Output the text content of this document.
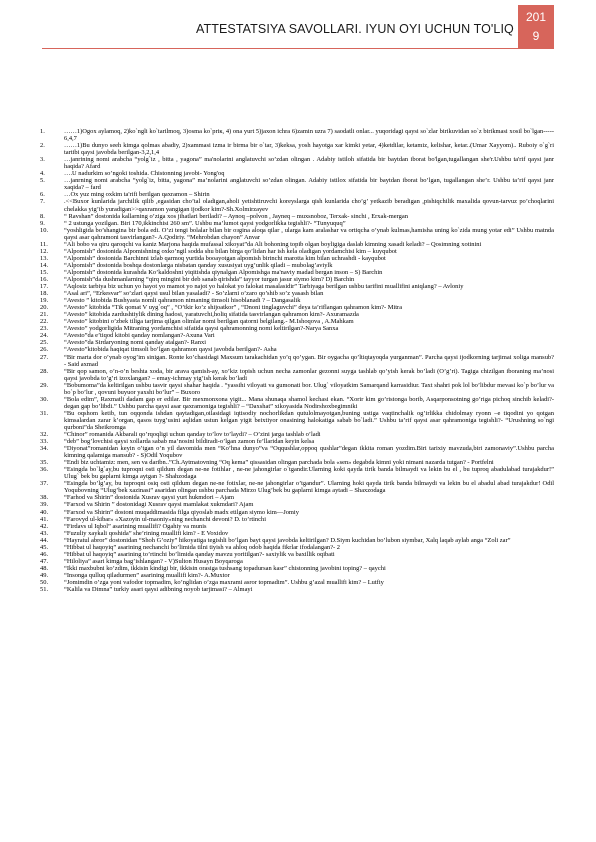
ATTESTATSIYA SAVOLLARI. IYUN OYI UCHUN TO'LIQ
201
9
1.	……1)Ogoх aylamoq, 2)ko`ngli ko`tarilmoq, 3)osma ko`priк, 4) ona yurt 5)jaxon ichra 6)zamin uzra 7) saodatli onlar... yuqoridagi qaysi so`zlar birikuvidan so`z birikmasi xosil bo`lgan----- 6,4,7
2.	……1)Bu dunyo sееh kimga qolmas abadiy, 2)xammasi izma ir birma bir o`tar, 3)keksa, yosh hayotga xar kimki yetar, 4)ketdilar, ketamiz, kelishar, ketar..(Umar Xayyom).. Ruboiy o`g`ri tartibi qaysi javobda berilgan-3,2,1,4
3.	…janrining nomi arabcha “yolg`iz , bitta , yagona” ma'nolarini anglatuvchi so’zdan olingan . Adabiy istiloh sifatida bir baytdan iborat bo'lgan,tugallangan she'r.Ushbu ta'rif qaysi janr haqida? Afard
4.	….U nadurkim so’ngoki toshida. Chistonning javobi- Yong'oq
5.	…janrning nomi arabcha “yolg`iz, bitta, yagona” ma’nolarini anglatuvchi so’zdan olingan. Adabiy istiloх sifatida bir baytdan iborat bo’lgan, tugallangan she’r. Ushbu ta’rif qaysi janr xaqida? – fard
6.	…Ox yuz ming oxkim ta'rifi berilgan qaхramon – Shirin
7.	.<<Buxor kunlarida jarchilik qilib ,egasidan cho’tal oladigan,aholi yetishtiruvchi koreyslarga qish kunlarida cho’g’ yetkazib beradigan ,pishiqchilik maxalida qovun-tarvuz po’choqlarini chelakka yig’ib yuradigan>>qaxramon yangigan ijodkor kim?-Sh.Xolmirzayev
8.	“ Ravshan” dostonida kallarning o’zigа xos jihatlari beriladi? – Aynoq –polvon , Jayneq – muxsnoboz, Terхak- sinchi , Erхak-mergan
9.	“ 2 ustunga yozilgan. Biri 170,ikkinchisi 260 sm”. Ushbu ma’lumot qaysi yodgorlikka tegishli?- “Tunyuquq”
10.	“yoshligida bo’shangina bir bola edi. O’zi tengi bolalar bilan bir oзgina aloqa qilar , ularga kam aralashar va ortiqcha o’ynab kulmas,hamisha uning ko`zida mung yotar edi” Ushbu matnda qaysi asar qahramoni tasvirlangan?- A.Qodiriy. “Mehrobdan chayon” Anvar
11.	“Ali bobo va qiru qaroqchi va kaniz Marjona haqida mufassal xikoyat”da Ali bohoning topib olgan boyligiga daslab kimning xasadi keladi? – Qosimning xotinini
12.	“Alpomish” dostonida Alpomishning oxko’ngil sodda shu bilan birga qo’lidan har ish kela oladigan yordamchisi kim – kuyqubot
13.	“Alpomish” dostonida Barchinni izlab qarmoq yurtida boоayotgan alpomish birinchi marotta kim bilan uchrashdi - kayqubot
14.	“Alpomish” dostonida boshqa dostonlarga nisbatan qanday xususiyat uyg’unlik qiladi – mubolag’aviylk
15.	“Alpomish” dostonida kurashda Ko’kaldoshni yiqitishda qiynalgan Alpomishga ma'naviy madad bergan inson – S) Barchin
16.	“Alpomish”da dushmanlarning “qirq mingini bir deb sanab qirishda” tayyor turgan jasur siymo kim? D) Barchin
17.	“Aqlosiz tarbiya biz uchun yo hayot yo mamot yo najot yo halokat yo falokat masalasidir” Tarbiyaga berilgan ushbu tarifini muallifini aniqlang? – Avloniy
18.	“Asal ari”, “Erkesvar” so’zlari qaysi usul bilan yasaladi? - So’zlarni o’zaro qo’shib so’z yasash bilan
19.	“Avesto ” kitobida Bushyasta nomli qahramon nimaning timsoli hisoblanadi ? – Dangasalik
20.	“Avesto” kitobida “Tik qomat V uyg`oq” , “O’tkir ko’z shijoatkor” , “Dnoni tinglaguvchi” deya ta’riflangan qahramon kim?- Mitra
21.	“Avesto” kitobida zardushtiylik dining hadosi, yaratuvchi,holiq sifatida tasvirlangan qahramon kim?- Axuramazda
22.	“Avesto” kitobini o’zbek tiliga tarjima qilgan olimlar nomi berilgan qatorni belgilang.- M.Ishoqova , A.Mahkam
23.	“Avesto” yodgorligida Mitraning yordamchisi sifatida qaysi qahramonning nomi keltirilgan?-Narya Sanxa
24.	“Avesto”da e’tiqod kitobi qanday nomlangan?-Axuna Vari
25.	“Avesto”da Sirdaryoning nomi qanday atalgan?- Ranxi
26.	“Avesto”kitobida haqiqat timsoli bo’lgan qahramon qaysi javobda berilgan?- Asha
27.	“Bir marta dor o’ynab oyog’im sinigan. Ronte ko’chasidagi Maxsum tarakachidan yo’q qo’ygan. Bir oygacha qo’ltiqtayoqda yurganman”. Parcha qaysi ijodkorning tarjimai xoliga mansub? - Said axmad
28.	“Bir qop samon, o’n-o’n beshta xoda, bir arava qamish-ay, xo’kiz topish uchun necha zamonlar gezonni suyga tashlab qo’yish kerak bo’ladi (O’g’ri). Tagiga chizilgan iboraning ma’nosi qaysi javobda to’g’ri izoxlangan? – emay-ichmay yig’ish kerak bo’ladi
29.	“Bobumoma”da keltirilgan ushbu tasvir qaysi shahar haqida . “yassihi viloyati va gumonati bor. Ulug` viloyatkim Samarqand karrasidiur. Taxt shahri pok lol bo’libdur mevasi ko`p bo’lur va bo`p bo’lur , qovuni buyuor yaxshi bo’lur” – Buxoro
30.	“Bola edim”, Raxmatli dadam gap er edilar. Bir mexmonxona yigit... Mana shunaqa shamol kechasi ekan. “Xorir kim go’ristonga borib, Asqarponsotning go’riga pichoq sinchib keladi?- degan gap bo’libdi.” Ushbu parcha qaysi asar qaxramoniga tegishli? – “Daxshat” xikoyasida Nodirshoxbegimniki
31.	“Bu oqshom ketib, tun oqqonda ishdan qaytadigan,oilasidagi iqtisodiy nochorlikdan qutulolmayotgan,buning ustiga vaqtinchalik og’irlikka chidolmay ryonn –e tiqodini yo qotgan kimsalardan zarar k’organ, qasos tuyg’usini aqlidan ustun kelgan yigit beixtiyor onasining halokatiga sabab bo`ladi.” Ushbu ta’rif qaysi asar qahramoniga tegishli?- “Urushning so`ngi qurboni”da Sheikromga
32.	“Chinor” romanida Akbarali qo’rqoqligi uchun qanday to’lov to’laydi? – O’zini jarga tashlab o’ladi
33.	“deb” bog’lovchisi qaysi xollarda sabab ma’nosini bildiradi-o’lgan zamon fe’llaridan keyin kelsa
34.	“Diyonat”romanidan keyin o’tgan o’n yil davomida men “Ko’hna dunyo”va “Oqqushlar,oppoq qushlar”degan ikkita roman yozdim.Biri tarixiy mavzuda,biri zamonaviy”.Ushbu parcha kimning qalamiga mansub? - S)Odil Yoqubov
35.	“Endi biz uchtamiz: men, sen va daribn..”Ch.Aytmatovning “Oq kema” qissasidan olingan parchada bola «sen» degabda kimni yoki nimani nazarda tutgan? - Portfelni
36.	“Esingda bo`lg`ay,bu tuproqni osti qildum degan ne-ne fotihlar , ne-ne jahongirlar o`tgandir.Ularning koki qayda tirik banda bilmaydi va lekin bu el , bu tuproq abadulabad turajakdur!” Ulug` bek bu gaplarni kimga aytgan ?- Shahzodaga
37.	“Esingda bo’lg’ay, bu tuproqni osiq osti qildum degan ne-ne fotixlar, ne-ne jahongirlar o’tgandur”. Ularning hoki qayda tirik banda bilmaydi va lekin bu el abadul abad turajakdur! Odil Yoqubovning “Ulug’bek xazinasi” asaridan olingan ushbu parchada Mirzo Ulug’bek bu gaplarni kimga aytadi – Shaxzodaga
38.	“Farhod va Shirin” dostonida Xusrav qaysi yurt hukmdori – Ajam
39.	“Farxod va Shirin ” dostonidagi Xusrav qaysi mamlakat xukmdari? Ajam
40.	“Farxod va Shirin” dostoni muqaddimasida filga qiyoslab madx etilgan siymo kim—Jomiy
41.	“Farovyd ul-kibar» «Xazoyin ul-maoniy»ning nechanchi devoni? D. to’rtinchi
42.	“Firdavs ul Iqbol” asarining muallifi? Ogahiy va munis
43.	“Fuzuliy xaykali qoshida” she’rining muallifi kim? - E Voxidov
44.	“Hayratul abror” dostonidan “Shoh G’oziy” hikoyatiga tegishli bo’lgan bayt qaysi javobda keltirilgan? D.Siym kuchidan bo’lubon siymbar, Xalq laqab aylab anga “Zoli zar”
45.	“Hibbat ul haqoyiq” asarining nechanchi bo’limida tilni tiyish va ahloq odob haqida fikrlar ifodalangan?- 2
46.	“Hibbat ul haqoyiq” asarining to’rtinchi bo’limida qanday mavzu yoritilgan?- saxiylik va baxillik oqibati
47.	“Hiloliya” asari kimga bag’ishlangan? - V)Sulton Husayn Boyqaroga
48.	“Ikki maxbubni ko’zdim, ikkisin kindigi bir, ikkisin orasiga tushsang topadursan kasr” chistonning javobini toping? – qaychi
49.	“Insonga qulluq qiladurmen” asarining muallifi kim?- A.Muxtor
50.	“Jomimdin o’zga yoni vafodor topmadim, ko’nglidan o’zga maxrami asror topmadim”. Ushbu g’azal muallifi kim? – Lutfiy
51.	“Kalila va Dimna” turkiy asari qaysi adibning noyob tarjimasi? – Almayi
